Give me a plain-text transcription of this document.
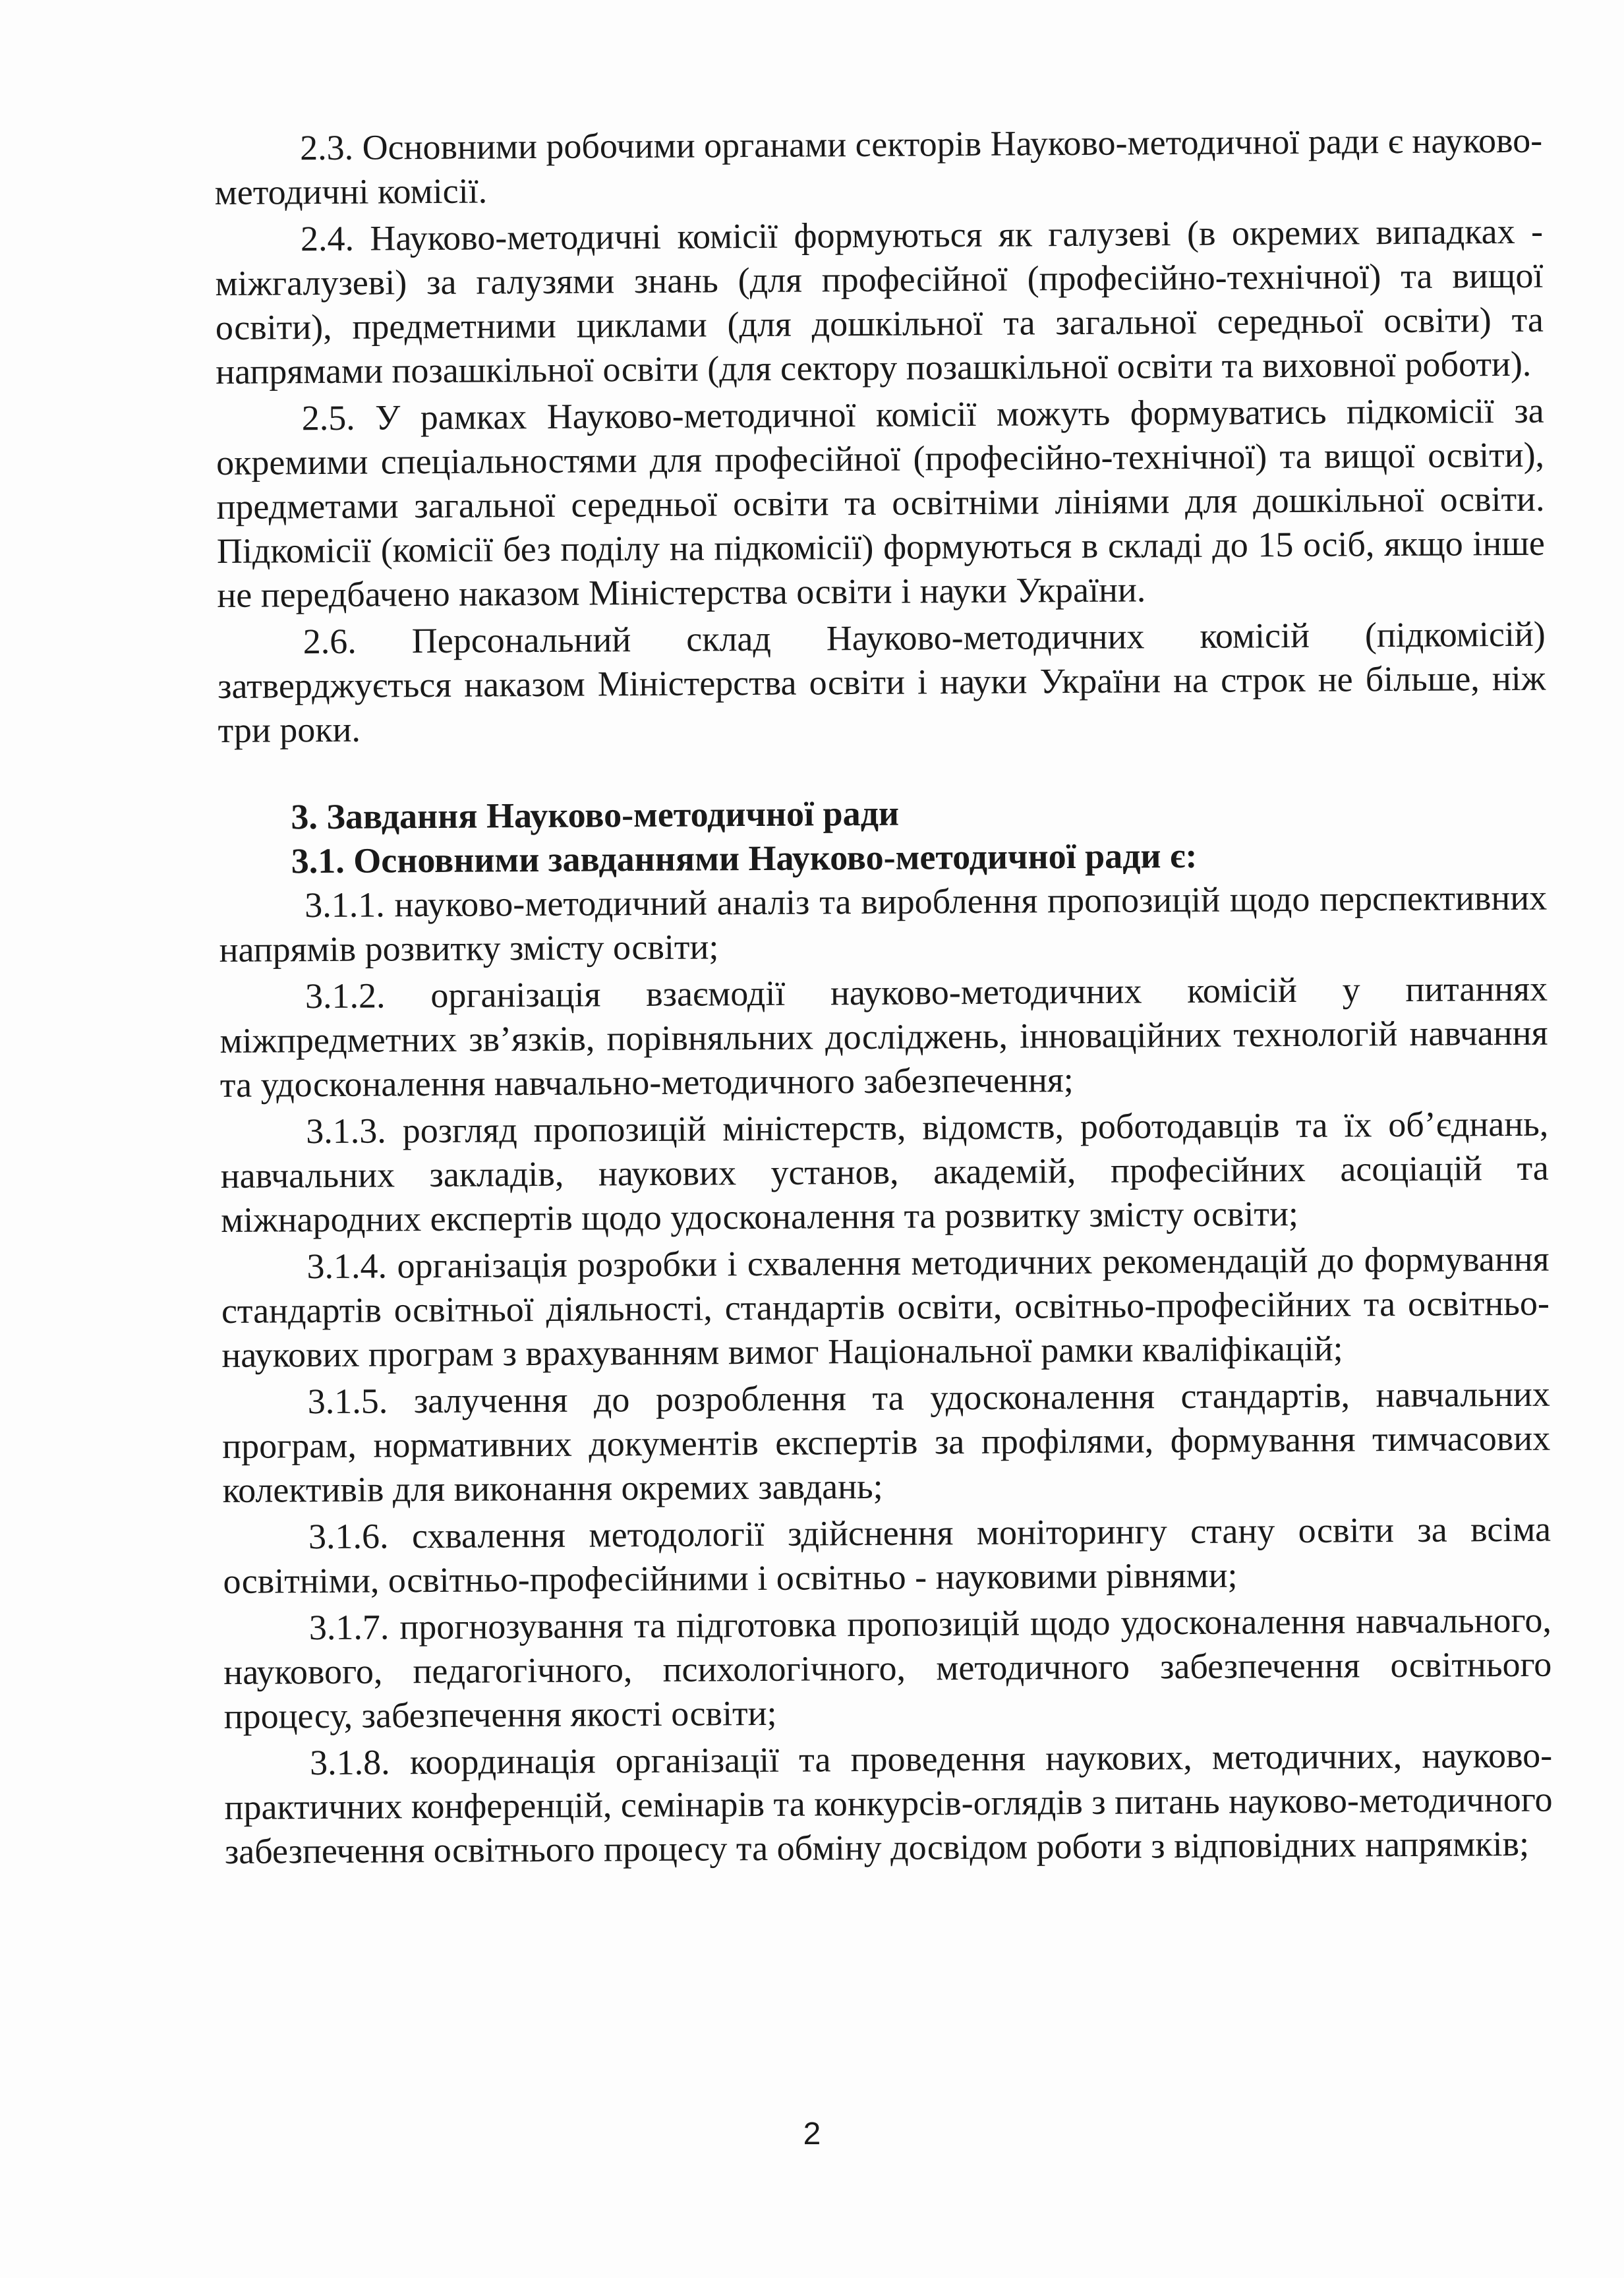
2.3. Основними робочими органами секторів Науково-методичної ради є науково-методичні комісії.

2.4. Науково-методичні комісії формуються як галузеві (в окремих випадках - міжгалузеві) за галузями знань (для професійної (професійно-технічної) та вищої освіти), предметними циклами (для дошкільної та загальної середньої освіти) та напрямами позашкільної освіти (для сектору позашкільної освіти та виховної роботи).

2.5. У рамках Науково-методичної комісії можуть формуватись підкомісії за окремими спеціальностями для професійної (професійно-технічної) та вищої освіти), предметами загальної середньої освіти та освітніми лініями для дошкільної освіти. Підкомісії (комісії без поділу на підкомісії) формуються в складі до 15 осіб, якщо інше не передбачено наказом Міністерства освіти і науки України.

2.6. Персональний склад Науково-методичних комісій (підкомісій) затверджується наказом Міністерства освіти і науки України на строк не більше, ніж три роки.

3. Завдання Науково-методичної ради

3.1. Основними завданнями Науково-методичної ради є:

3.1.1. науково-методичний аналіз та вироблення пропозицій щодо перспективних напрямів розвитку змісту освіти;

3.1.2. організація взаємодії науково-методичних комісій у питаннях міжпредметних зв’язків, порівняльних досліджень, інноваційних технологій навчання та удосконалення навчально-методичного забезпечення;

3.1.3. розгляд пропозицій міністерств, відомств, роботодавців та їх об’єднань, навчальних закладів, наукових установ, академій, професійних асоціацій та міжнародних експертів щодо удосконалення та розвитку змісту освіти;

3.1.4. організація розробки і схвалення методичних рекомендацій до формування стандартів освітньої діяльності, стандартів освіти, освітньо-професійних та освітньо-наукових програм з врахуванням вимог Національної рамки кваліфікацій;

3.1.5. залучення до розроблення та удосконалення стандартів, навчальних програм, нормативних документів експертів за профілями, формування тимчасових колективів для виконання окремих завдань;

3.1.6. схвалення методології здійснення моніторингу стану освіти за всіма освітніми, освітньо-професійними і освітньо - науковими рівнями;

3.1.7. прогнозування та підготовка пропозицій щодо удосконалення навчального, наукового, педагогічного, психологічного, методичного забезпечення освітнього процесу, забезпечення якості освіти;

3.1.8. координація організації та проведення наукових, методичних, науково-практичних конференцій, семінарів та конкурсів-оглядів з питань науково-методичного забезпечення освітнього процесу та обміну досвідом роботи з відповідних напрямків;

2
